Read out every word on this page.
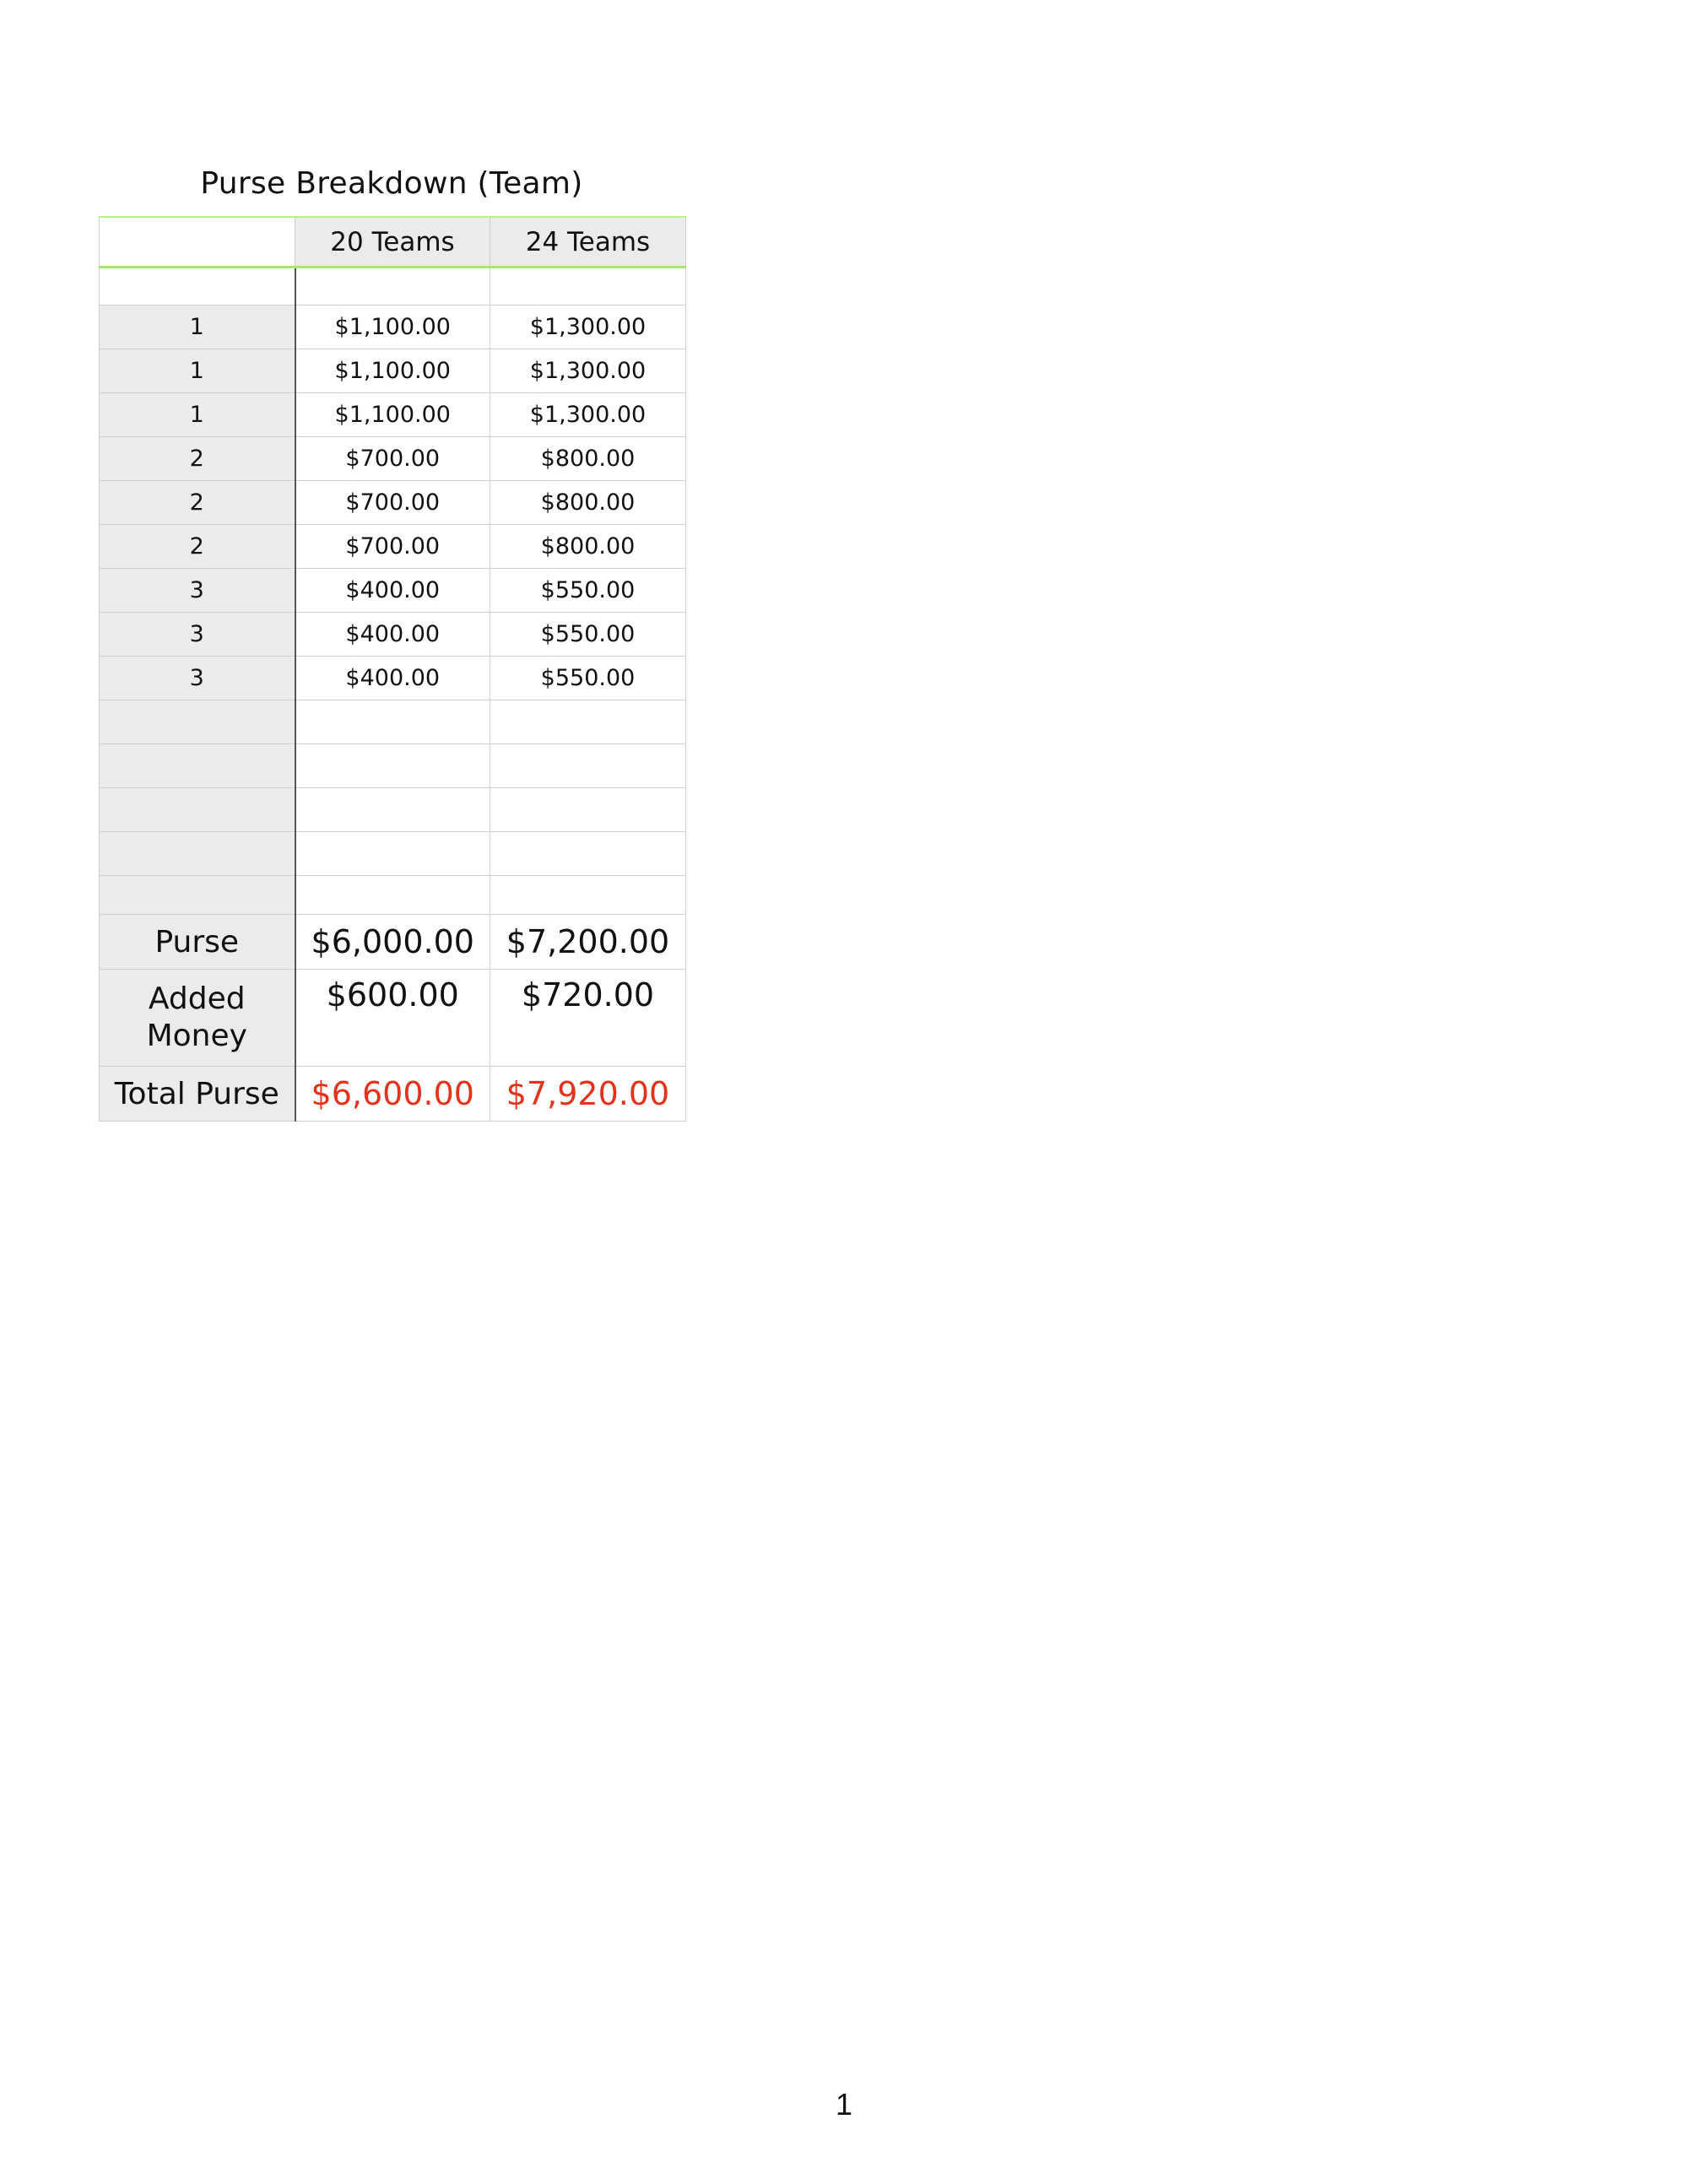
Purse Breakdown (Team)
	20 Teams	24 Teams

1	$1,100.00	$1,300.00
1	$1,100.00	$1,300.00
1	$1,100.00	$1,300.00
2	$700.00	$800.00
2	$700.00	$800.00
2	$700.00	$800.00
3	$400.00	$550.00
3	$400.00	$550.00
3	$400.00	$550.00

Purse	$6,000.00	$7,200.00
Added Money	$600.00	$720.00
Total Purse	$6,600.00	$7,920.00
1
